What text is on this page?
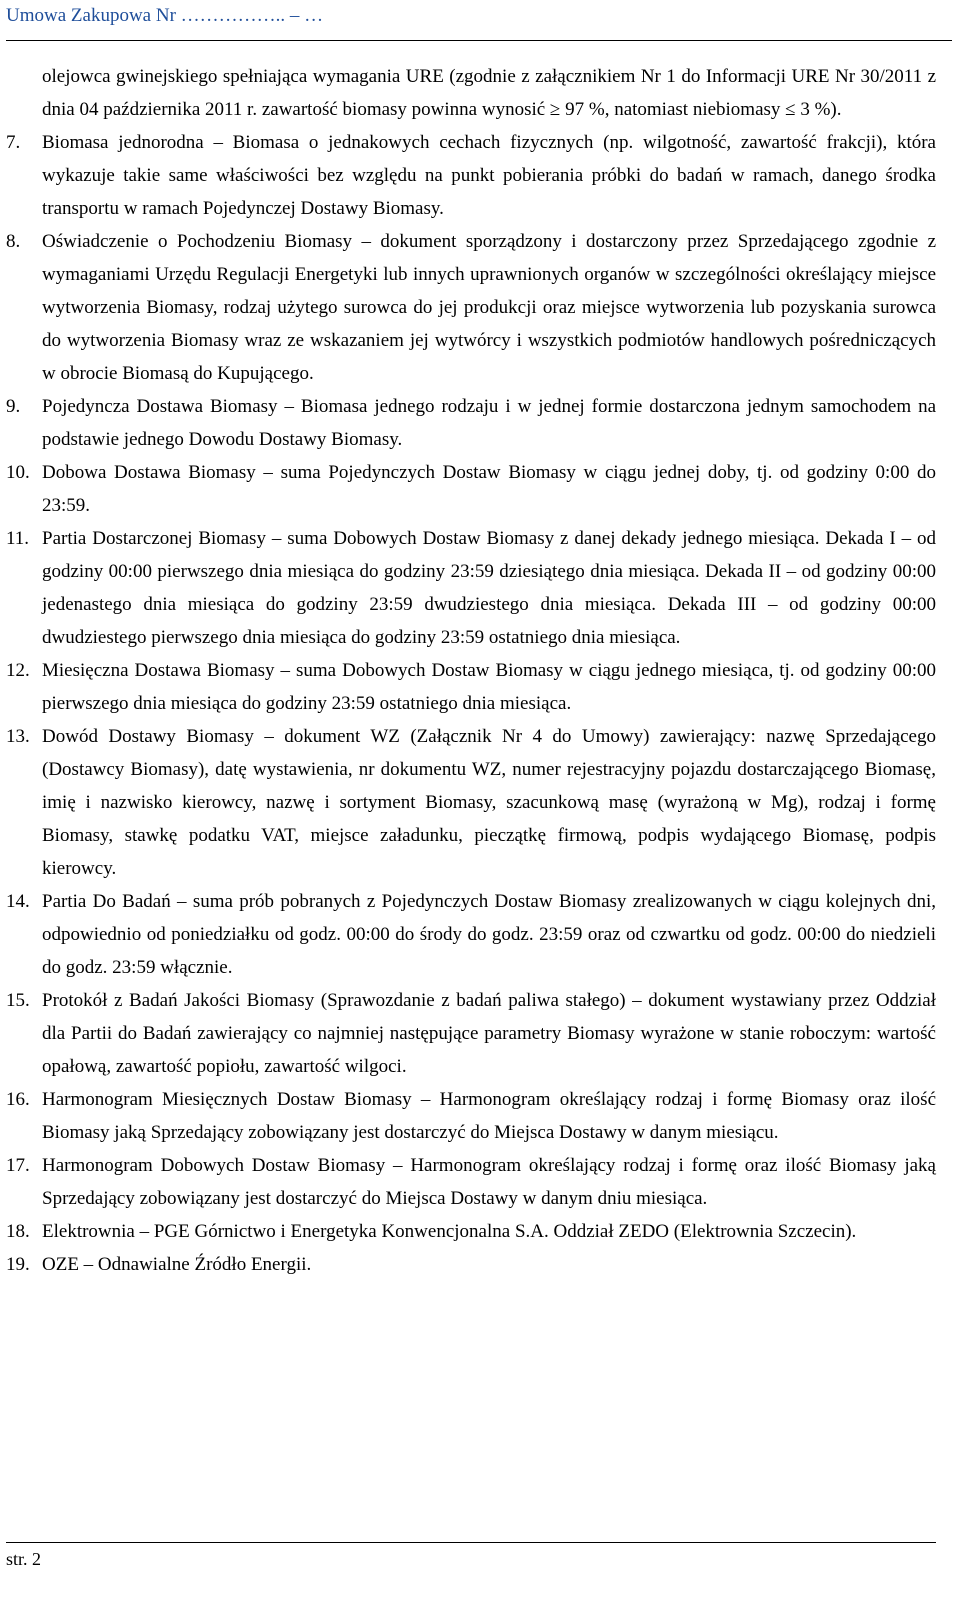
Umowa Zakupowa Nr …………….. – …
olejowca gwinejskiego spełniająca wymagania URE (zgodnie z załącznikiem Nr 1 do Informacji URE Nr 30/2011 z dnia 04 października 2011 r. zawartość biomasy powinna wynosić ≥ 97 %, natomiast niebiomasy ≤ 3 %).
7.	Biomasa jednorodna – Biomasa o jednakowych cechach fizycznych (np. wilgotność, zawartość frakcji), która wykazuje takie same właściwości bez względu na punkt pobierania próbki do badań w ramach, danego środka transportu w ramach Pojedynczej Dostawy Biomasy.
8.	Oświadczenie o Pochodzeniu Biomasy – dokument sporządzony i dostarczony przez Sprzedającego zgodnie z wymaganiami Urzędu Regulacji Energetyki lub innych uprawnionych organów w szczególności określający miejsce wytworzenia Biomasy, rodzaj użytego surowca do jej produkcji oraz miejsce wytworzenia lub pozyskania surowca do wytworzenia Biomasy wraz ze wskazaniem jej wytwórcy i wszystkich podmiotów handlowych pośredniczących w obrocie Biomasą do Kupującego.
9.	Pojedyncza Dostawa Biomasy – Biomasa jednego rodzaju i w jednej formie dostarczona jednym samochodem na podstawie jednego Dowodu Dostawy Biomasy.
10. Dobowa Dostawa Biomasy – suma Pojedynczych Dostaw Biomasy w ciągu jednej doby, tj. od godziny 0:00 do 23:59.
11. Partia Dostarczonej Biomasy – suma Dobowych Dostaw Biomasy z danej dekady jednego miesiąca. Dekada I – od godziny 00:00 pierwszego dnia miesiąca do godziny 23:59 dziesiątego dnia miesiąca. Dekada II – od godziny 00:00 jedenastego dnia miesiąca do godziny 23:59 dwudziestego dnia miesiąca. Dekada III – od godziny 00:00 dwudziestego pierwszego dnia miesiąca do godziny 23:59 ostatniego dnia miesiąca.
12. Miesięczna Dostawa Biomasy – suma Dobowych Dostaw Biomasy w ciągu jednego miesiąca, tj. od godziny 00:00 pierwszego dnia miesiąca do godziny 23:59 ostatniego dnia miesiąca.
13. Dowód Dostawy Biomasy – dokument WZ (Załącznik Nr 4 do Umowy) zawierający: nazwę Sprzedającego (Dostawcy Biomasy), datę wystawienia, nr dokumentu WZ, numer rejestracyjny pojazdu dostarczającego Biomasę, imię i nazwisko kierowcy, nazwę i sortyment Biomasy, szacunkową masę (wyrażoną w Mg), rodzaj i formę Biomasy, stawkę podatku VAT, miejsce załadunku, pieczątkę firmową, podpis wydającego Biomasę, podpis kierowcy.
14. Partia Do Badań – suma prób pobranych z Pojedynczych Dostaw Biomasy zrealizowanych w ciągu kolejnych dni, odpowiednio od poniedziałku od godz. 00:00 do środy do godz. 23:59 oraz od czwartku od godz. 00:00 do niedzieli do godz. 23:59 włącznie.
15. Protokół z Badań Jakości Biomasy (Sprawozdanie z badań paliwa stałego) – dokument wystawiany przez Oddział dla Partii do Badań zawierający co najmniej następujące parametry Biomasy wyrażone w stanie roboczym: wartość opałową, zawartość popiołu, zawartość wilgoci.
16. Harmonogram Miesięcznych Dostaw Biomasy – Harmonogram określający rodzaj i formę Biomasy oraz ilość Biomasy jaką Sprzedający zobowiązany jest dostarczyć do Miejsca Dostawy w danym miesiącu.
17. Harmonogram Dobowych Dostaw Biomasy – Harmonogram określający rodzaj i formę oraz ilość Biomasy jaką Sprzedający zobowiązany jest dostarczyć do Miejsca Dostawy w danym dniu miesiąca.
18. Elektrownia – PGE Górnictwo i Energetyka Konwencjonalna S.A. Oddział ZEDO (Elektrownia Szczecin).
19. OZE – Odnawialne Źródło Energii.
str. 2
